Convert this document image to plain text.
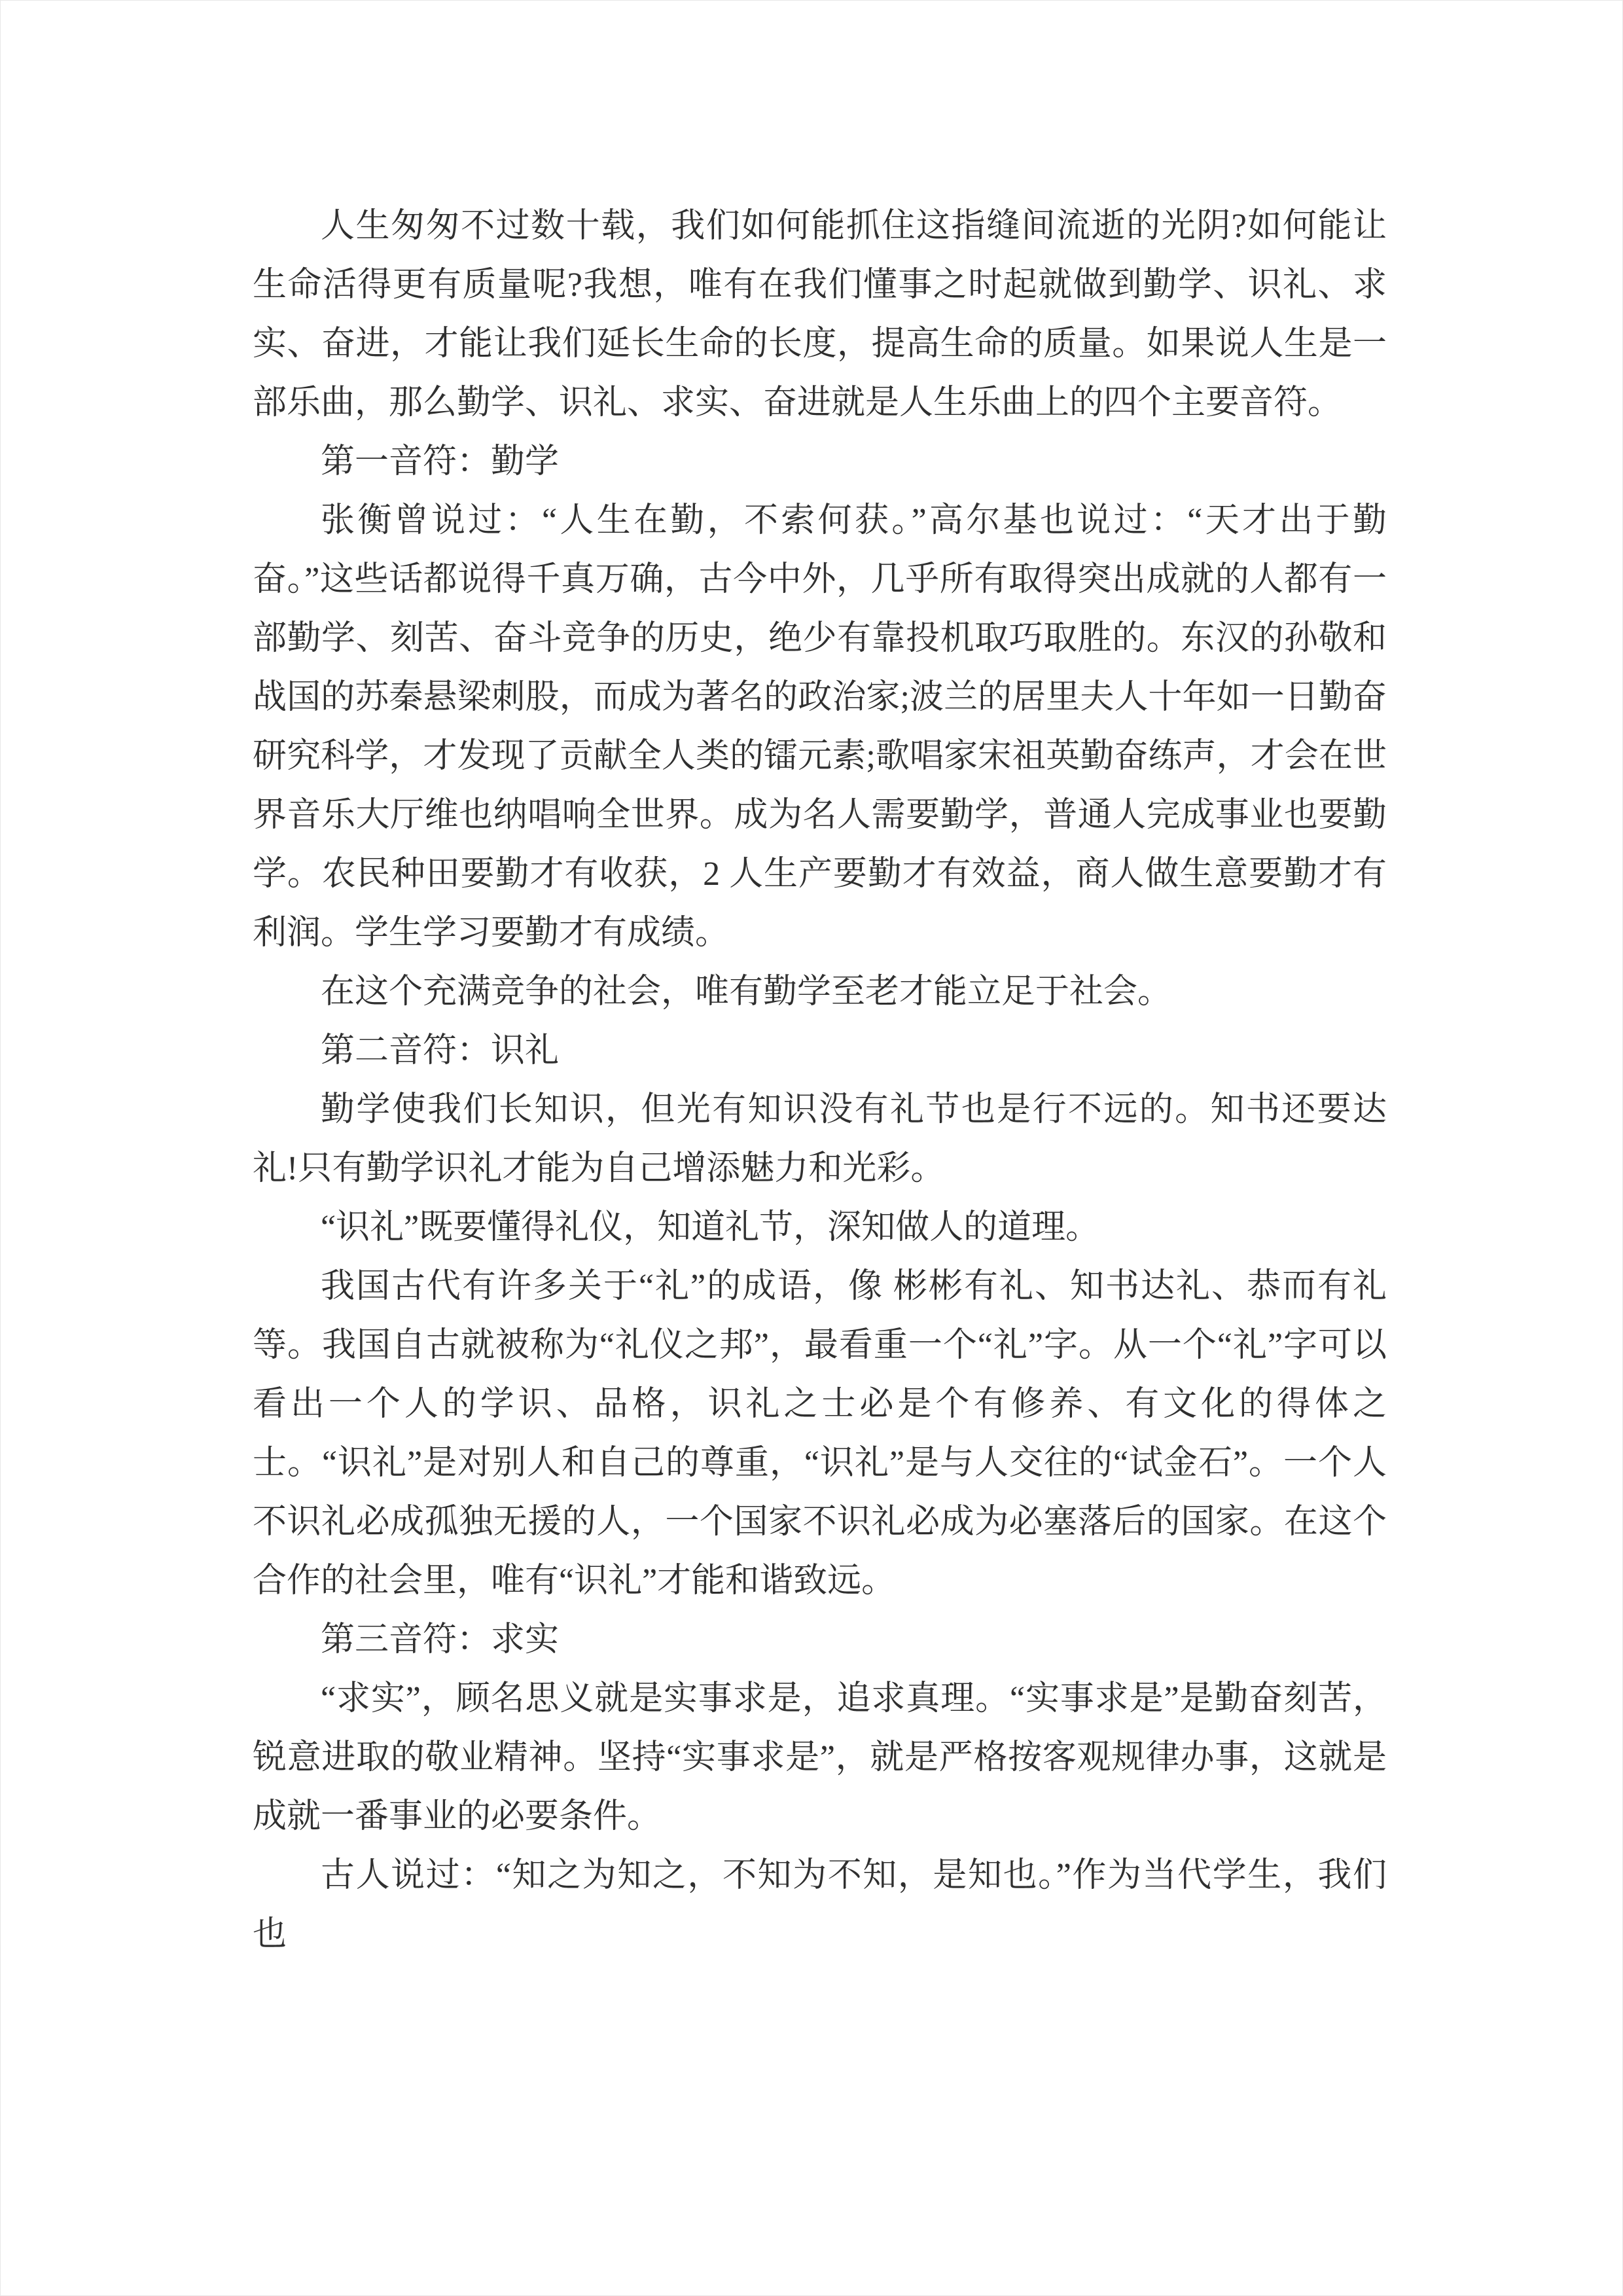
人生匆匆不过数十载，我们如何能抓住这指缝间流逝的光阴?如何能让生命活得更有质量呢?我想，唯有在我们懂事之时起就做到勤学、识礼、求实、奋进，才能让我们延长生命的长度，提高生命的质量。如果说人生是一部乐曲，那么勤学、识礼、求实、奋进就是人生乐曲上的四个主要音符。

第一音符：勤学

张衡曾说过：“人生在勤，不索何获。”高尔基也说过：“天才出于勤奋。”这些话都说得千真万确，古今中外，几乎所有取得突出成就的人都有一部勤学、刻苦、奋斗竞争的历史，绝少有靠投机取巧取胜的。东汉的孙敬和战国的苏秦悬梁刺股，而成为著名的政治家;波兰的居里夫人十年如一日勤奋研究科学，才发现了贡献全人类的镭元素;歌唱家宋祖英勤奋练声，才会在世界音乐大厅维也纳唱响全世界。成为名人需要勤学，普通人完成事业也要勤学。农民种田要勤才有收获，2 人生产要勤才有效益，商人做生意要勤才有利润。学生学习要勤才有成绩。

在这个充满竞争的社会，唯有勤学至老才能立足于社会。

第二音符：识礼

勤学使我们长知识，但光有知识没有礼节也是行不远的。知书还要达礼!只有勤学识礼才能为自己增添魅力和光彩。

“识礼”既要懂得礼仪，知道礼节，深知做人的道理。

我国古代有许多关于“礼”的成语，像 彬彬有礼、知书达礼、恭而有礼等。我国自古就被称为“礼仪之邦”，最看重一个“礼”字。从一个“礼”字可以看出一个人的学识、品格，识礼之士必是个有修养、有文化的得体之士。“识礼”是对别人和自己的尊重，“识礼”是与人交往的“试金石”。一个人不识礼必成孤独无援的人，一个国家不识礼必成为必塞落后的国家。在这个合作的社会里，唯有“识礼”才能和谐致远。

第三音符：求实

“求实”，顾名思义就是实事求是，追求真理。“实事求是”是勤奋刻苦，锐意进取的敬业精神。坚持“实事求是”，就是严格按客观规律办事，这就是成就一番事业的必要条件。

古人说过：“知之为知之，不知为不知，是知也。”作为当代学生，我们也
